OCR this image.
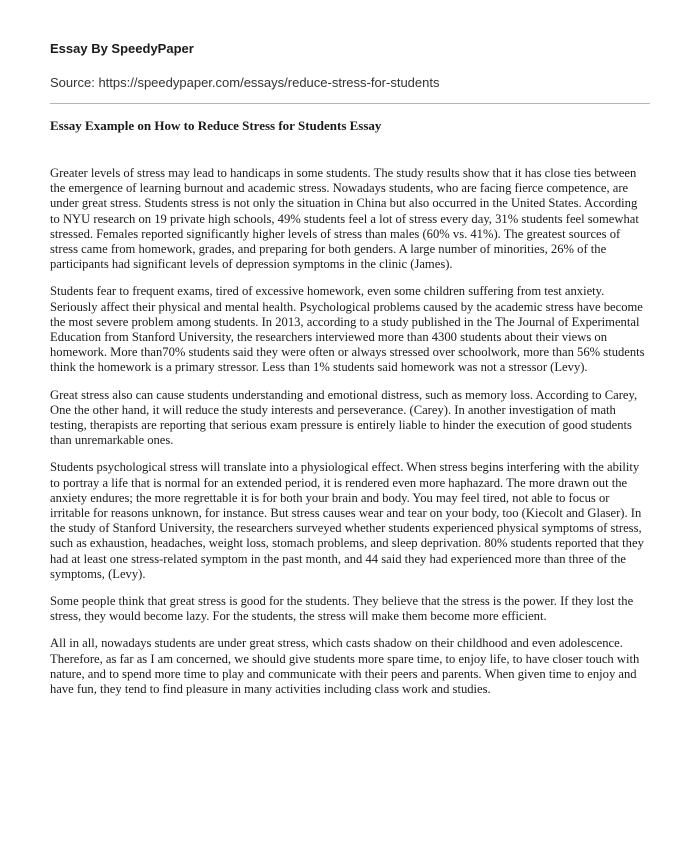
Essay By SpeedyPaper
Source: https://speedypaper.com/essays/reduce-stress-for-students
Essay Example on How to Reduce Stress for Students Essay

Greater levels of stress may lead to handicaps in some students. The study results show that it has close ties between the emergence of learning burnout and academic stress. Nowadays students, who are facing fierce competence, are under great stress. Students stress is not only the situation in China but also occurred in the United States. According to NYU research on 19 private high schools, 49% students feel a lot of stress every day, 31% students feel somewhat stressed. Females reported significantly higher levels of stress than males (60% vs. 41%). The greatest sources of stress came from homework, grades, and preparing for both genders. A large number of minorities, 26% of the participants had significant levels of depression symptoms in the clinic (James).

Students fear to frequent exams, tired of excessive homework, even some children suffering from test anxiety. Seriously affect their physical and mental health. Psychological problems caused by the academic stress have become the most severe problem among students. In 2013, according to a study published in the The Journal of Experimental Education from Stanford University, the researchers interviewed more than 4300 students about their views on homework. More than70% students said they were often or always stressed over schoolwork, more than 56% students think the homework is a primary stressor. Less than 1% students said homework was not a stressor (Levy).

Great stress also can cause students understanding and emotional distress, such as memory loss. According to Carey, One the other hand, it will reduce the study interests and perseverance. (Carey). In another investigation of math testing, therapists are reporting that serious exam pressure is entirely liable to hinder the execution of good students than unremarkable ones.

Students psychological stress will translate into a physiological effect. When stress begins interfering with the ability to portray a life that is normal for an extended period, it is rendered even more haphazard. The more drawn out the anxiety endures; the more regrettable it is for both your brain and body. You may feel tired, not able to focus or irritable for reasons unknown, for instance. But stress causes wear and tear on your body, too (Kiecolt and Glaser). In the study of Stanford University, the researchers surveyed whether students experienced physical symptoms of stress, such as exhaustion, headaches, weight loss, stomach problems, and sleep deprivation. 80% students reported that they had at least one stress-related symptom in the past month, and 44 said they had experienced more than three of the symptoms, (Levy).

Some people think that great stress is good for the students. They believe that the stress is the power. If they lost the stress, they would become lazy. For the students, the stress will make them become more efficient.

All in all, nowadays students are under great stress, which casts shadow on their childhood and even adolescence. Therefore, as far as I am concerned, we should give students more spare time, to enjoy life, to have closer touch with nature, and to spend more time to play and communicate with their peers and parents. When given time to enjoy and have fun, they tend to find pleasure in many activities including class work and studies.
